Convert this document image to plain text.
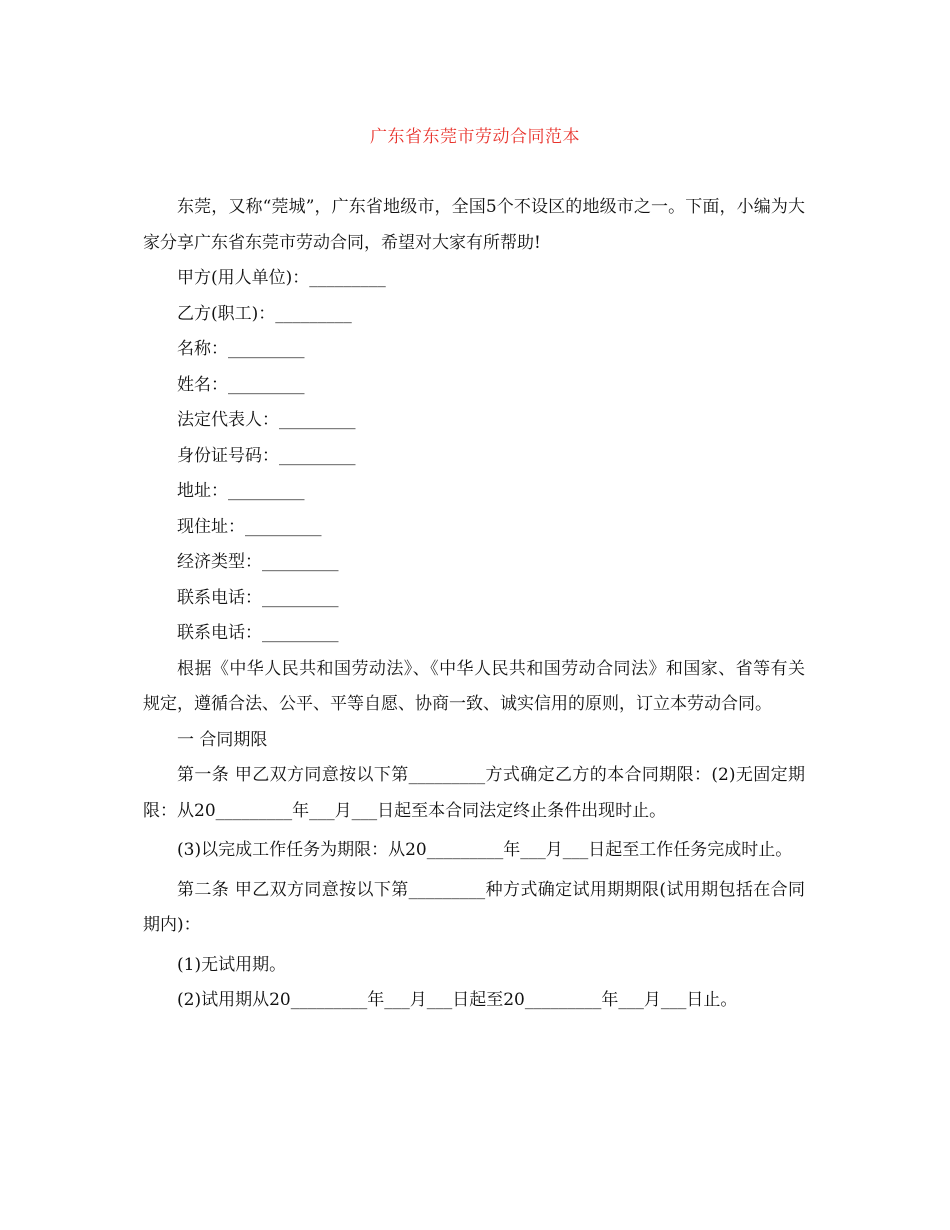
广东省东莞市劳动合同范本

东莞，又称“莞城”，广东省地级市，全国5个不设区的地级市之一。下面，小编为大家分享广东省东莞市劳动合同，希望对大家有所帮助!

甲方(用人单位)：_________

乙方(职工)：_________

名称：_________

姓名：_________

法定代表人：_________

身份证号码：_________

地址：_________

现住址：_________

经济类型：_________

联系电话：_________

联系电话：_________

根据《中华人民共和国劳动法》、《中华人民共和国劳动合同法》和国家、省等有关规定，遵循合法、公平、平等自愿、协商一致、诚实信用的原则，订立本劳动合同。

一 合同期限

第一条 甲乙双方同意按以下第_________方式确定乙方的本合同期限：(2)无固定期限：从20_________年___月___日起至本合同法定终止条件出现时止。

(3)以完成工作任务为期限：从20_________年___月___日起至工作任务完成时止。

第二条 甲乙双方同意按以下第_________种方式确定试用期期限(试用期包括在合同期内)：

(1)无试用期。

(2)试用期从20_________年___月___日起至20_________年___月___日止。
